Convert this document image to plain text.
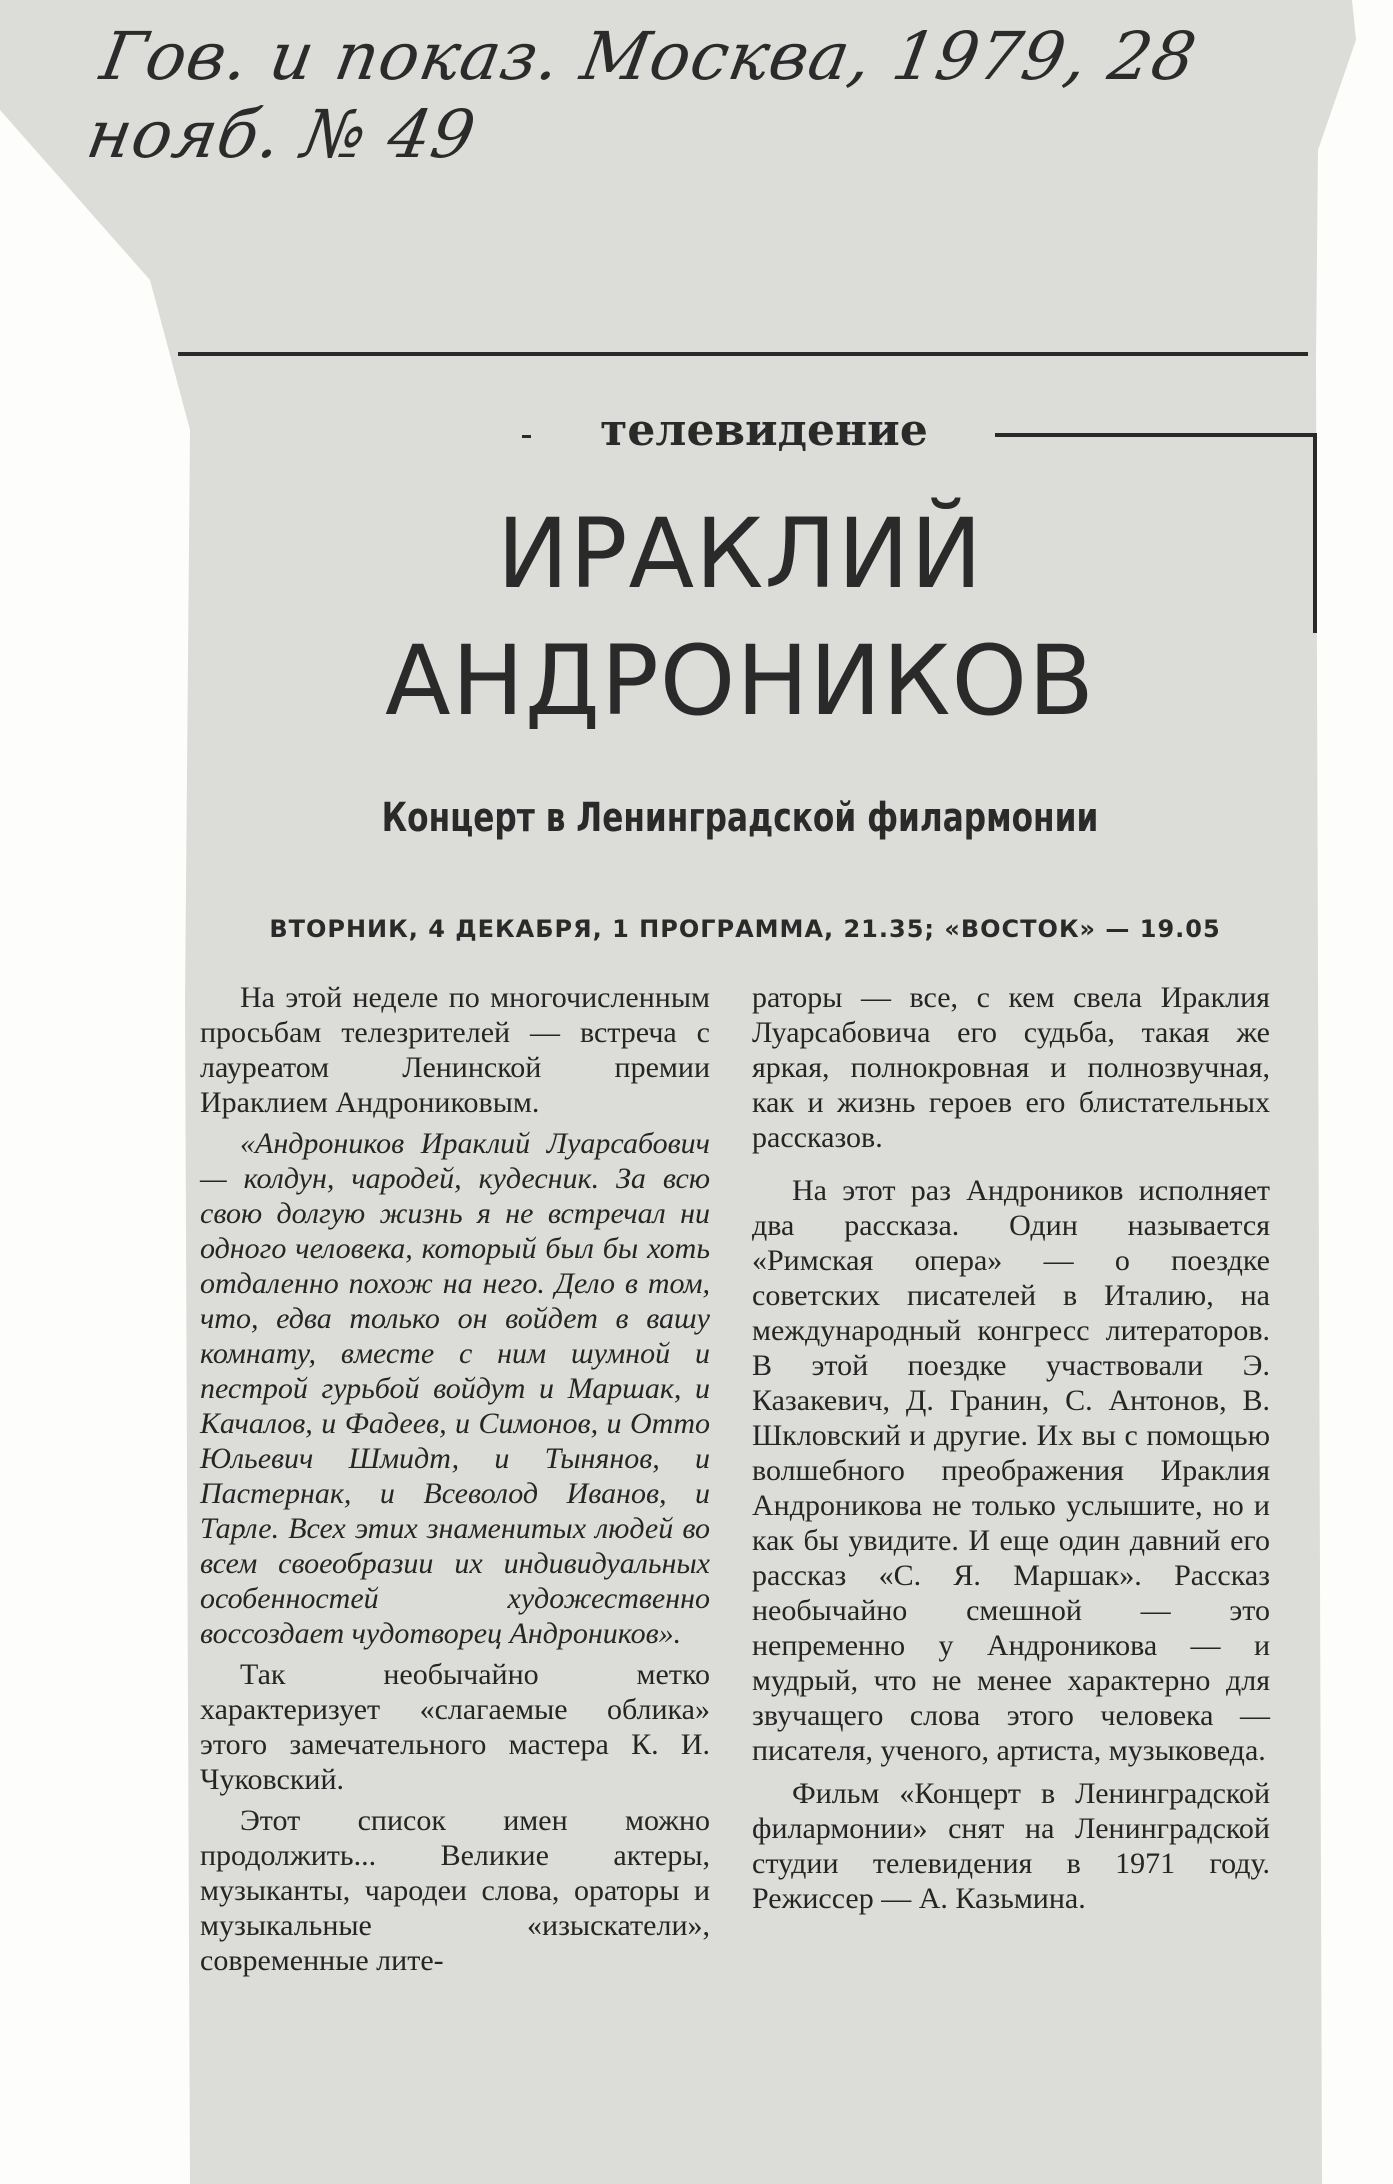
Гов. и показ. Москва, 1979, 28 нояб. № 49
телевидение
ИРАКЛИЙ
АНДРОНИКОВ
Концерт в Ленинградской филармонии
ВТОРНИК, 4 ДЕКАБРЯ, 1 ПРОГРАММА, 21.35; «ВОСТОК» — 19.05

На этой неделе по многочисленным просьбам телезрителей — встреча с лауреатом Ленинской премии Ираклием Андрониковым.

«Андроников Ираклий Луарсабович — колдун, чародей, кудесник. За всю свою долгую жизнь я не встречал ни одного человека, который был бы хоть отдаленно похож на него. Дело в том, что, едва только он войдет в вашу комнату, вместе с ним шумной и пестрой гурьбой войдут и Маршак, и Качалов, и Фадеев, и Симонов, и Отто Юльевич Шмидт, и Тынянов, и Пастернак, и Всеволод Иванов, и Тарле. Всех этих знаменитых людей во всем своеобразии их индивидуальных особенностей художественно воссоздает чудотворец Андроников».

Так необычайно метко характеризует «слагаемые облика» этого замечательного мастера К. И. Чуковский.

Этот список имен можно продолжить... Великие актеры, музыканты, чародеи слова, ораторы и музыкальные «изыскатели», современные лите-

раторы — все, с кем свела Ираклия Луарсабовича его судьба, такая же яркая, полнокровная и полнозвучная, как и жизнь героев его блистательных рассказов.

На этот раз Андроников исполняет два рассказа. Один называется «Римская опера» — о поездке советских писателей в Италию, на международный конгресс литераторов. В этой поездке участвовали Э. Казакевич, Д. Гранин, С. Антонов, В. Шкловский и другие. Их вы с помощью волшебного преображения Ираклия Андроникова не только услышите, но и как бы увидите. И еще один давний его рассказ «С. Я. Маршак». Рассказ необычайно смешной — это непременно у Андроникова — и мудрый, что не менее характерно для звучащего слова этого человека — писателя, ученого, артиста, музыковеда.

Фильм «Концерт в Ленинградской филармонии» снят на Ленинградской студии телевидения в 1971 году. Режиссер — А. Казьмина.
